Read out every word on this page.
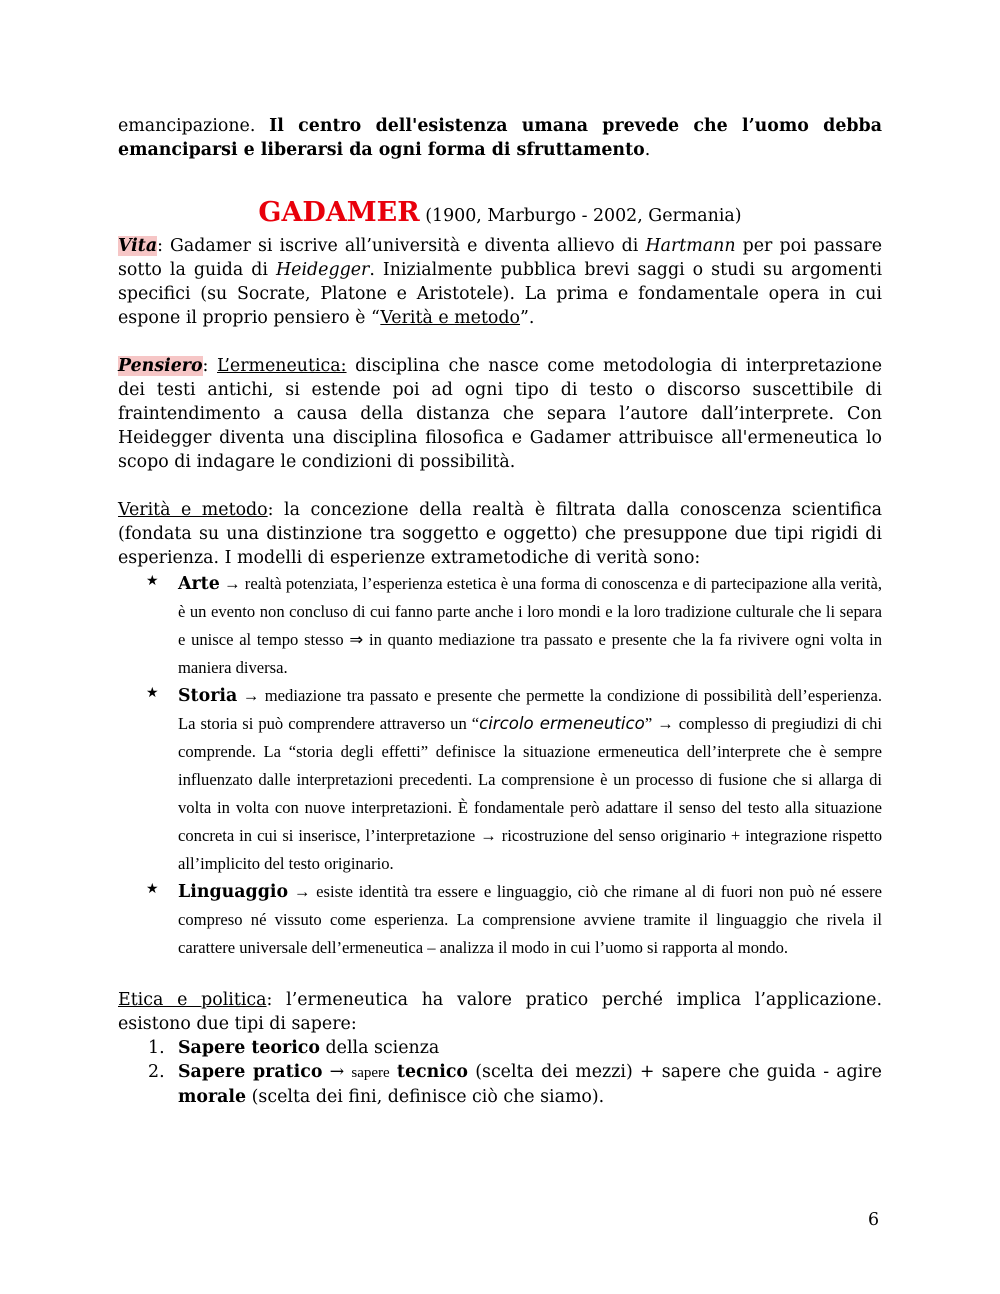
emancipazione. Il centro dell'esistenza umana prevede che l’uomo debba emanciparsi e liberarsi da ogni forma di sfruttamento.

GADAMER (1900, Marburgo - 2002, Germania)

Vita: Gadamer si iscrive all’università e diventa allievo di Hartmann per poi passare sotto la guida di Heidegger. Inizialmente pubblica brevi saggi o studi su argomenti specifici (su Socrate, Platone e Aristotele). La prima e fondamentale opera in cui espone il proprio pensiero è “Verità e metodo”.

Pensiero: L’ermeneutica: disciplina che nasce come metodologia di interpretazione dei testi antichi, si estende poi ad ogni tipo di testo o discorso suscettibile di fraintendimento a causa della distanza che separa l’autore dall’interprete. Con Heidegger diventa una disciplina filosofica e Gadamer attribuisce all'ermeneutica lo scopo di indagare le condizioni di possibilità.

Verità e metodo: la concezione della realtà è filtrata dalla conoscenza scientifica (fondata su una distinzione tra soggetto e oggetto) che presuppone due tipi rigidi di esperienza. I modelli di esperienze extrametodiche di verità sono:

★ Arte → realtà potenziata, l’esperienza estetica è una forma di conoscenza e di partecipazione alla verità, è un evento non concluso di cui fanno parte anche i loro mondi e la loro tradizione culturale che li separa e unisce al tempo stesso ⇒ in quanto mediazione tra passato e presente che la fa rivivere ogni volta in maniera diversa.

★ Storia → mediazione tra passato e presente che permette la condizione di possibilità dell’esperienza. La storia si può comprendere attraverso un “circolo ermeneutico” → complesso di pregiudizi di chi comprende. La “storia degli effetti” definisce la situazione ermeneutica dell’interprete che è sempre influenzato dalle interpretazioni precedenti. La comprensione è un processo di fusione che si allarga di volta in volta con nuove interpretazioni. È fondamentale però adattare il senso del testo alla situazione concreta in cui si inserisce, l’interpretazione → ricostruzione del senso originario + integrazione rispetto all’implicito del testo originario.

★ Linguaggio → esiste identità tra essere e linguaggio, ciò che rimane al di fuori non può né essere compreso né vissuto come esperienza. La comprensione avviene tramite il linguaggio che rivela il carattere universale dell’ermeneutica – analizza il modo in cui l’uomo si rapporta al mondo.

Etica e politica: l’ermeneutica ha valore pratico perché implica l’applicazione. esistono due tipi di sapere:

1. Sapere teorico della scienza
2. Sapere pratico → sapere tecnico (scelta dei mezzi) + sapere che guida - agire morale (scelta dei fini, definisce ciò che siamo).
6
